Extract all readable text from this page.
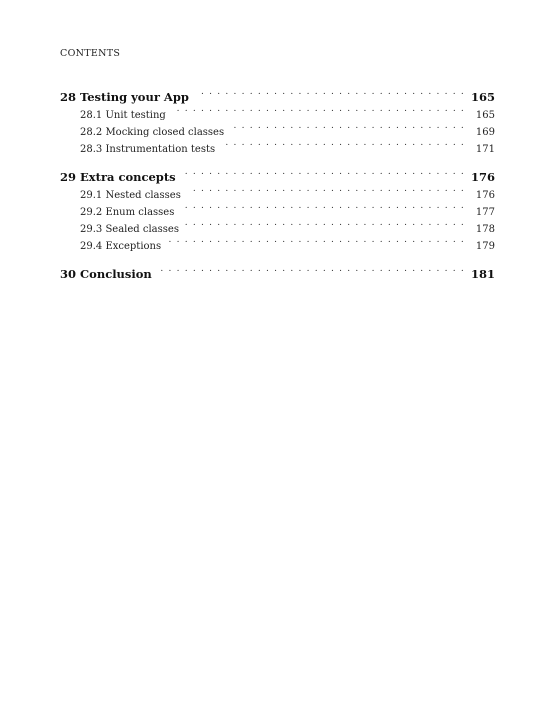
CONTENTS
28 Testing your App . . .	165
28.1 Unit testing . . .	165
28.2 Mocking closed classes . . .	169
28.3 Instrumentation tests . . .	171
29 Extra concepts . . .	176
29.1 Nested classes . . .	176
29.2 Enum classes . . .	177
29.3 Sealed classes . . .	178
29.4 Exceptions . . .	179
30 Conclusion . . .	181
